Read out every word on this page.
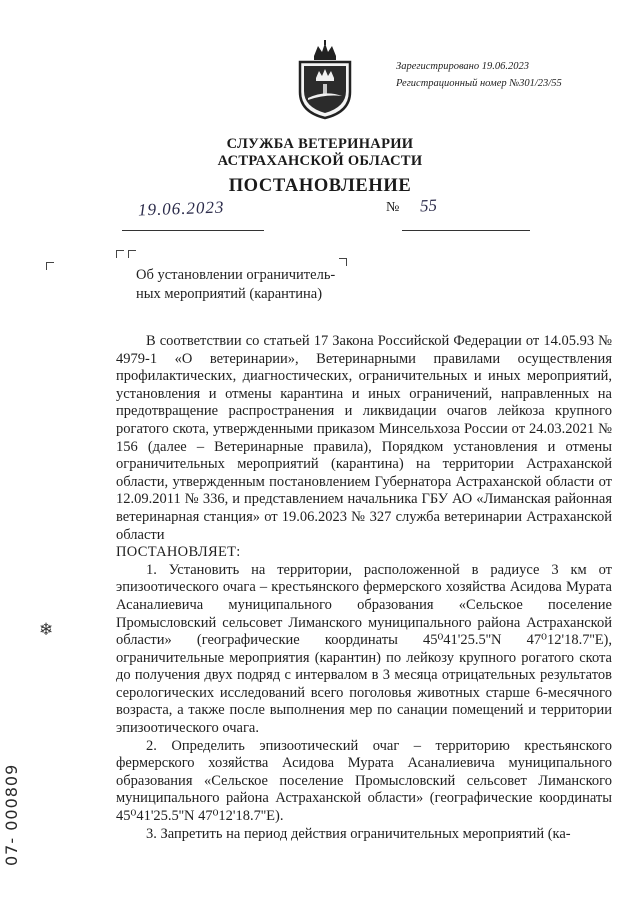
Зарегистрировано 19.06.2023
Регистрационный номер №301/23/55
СЛУЖБА ВЕТЕРИНАРИИ
АСТРАХАНСКОЙ ОБЛАСТИ
ПОСТАНОВЛЕНИЕ
19.06.2023	№ 55
Об установлении ограничитель-
ных мероприятий (карантина)

В соответствии со статьей 17 Закона Российской Федерации от 14.05.93 № 4979-1 «О ветеринарии», Ветеринарными правилами осуществления профилактических, диагностических, ограничительных и иных мероприятий, установления и отмены карантина и иных ограничений, направленных на предотвращение распространения и ликвидации очагов лейкоза крупного рогатого скота, утвержденными приказом Минсельхоза России от 24.03.2021 № 156 (далее – Ветеринарные правила), Порядком установления и отмены ограничительных мероприятий (карантина) на территории Астраханской области, утвержденным постановлением Губернатора Астраханской области от 12.09.2011 № 336, и представлением начальника ГБУ АО «Лиманская районная ветеринарная станция» от 19.06.2023 № 327 служба ветеринарии Астраханской области

ПОСТАНОВЛЯЕТ:

1. Установить на территории, расположенной в радиусе 3 км от эпизоотического очага – крестьянского фермерского хозяйства Асидова Мурата Асаналиевича муниципального образования «Сельское поселение Промысловский сельсовет Лиманского муниципального района Астраханской области» (географические координаты 45⁰41'25.5''N 47⁰12'18.7''E), ограничительные мероприятия (карантин) по лейкозу крупного рогатого скота до получения двух подряд с интервалом в 3 месяца отрицательных результатов серологических исследований всего поголовья животных старше 6-месячного возраста, а также после выполнения мер по санации помещений и территории эпизоотического очага.

2. Определить эпизоотический очаг – территорию крестьянского фермерского хозяйства Асидова Мурата Асаналиевича муниципального образования «Сельское поселение Промысловский сельсовет Лиманского муниципального района Астраханской области» (географические координаты 45⁰41'25.5''N 47⁰12'18.7''E).

3. Запретить на период действия ограничительных мероприятий (ка-

❄
07- 000809
